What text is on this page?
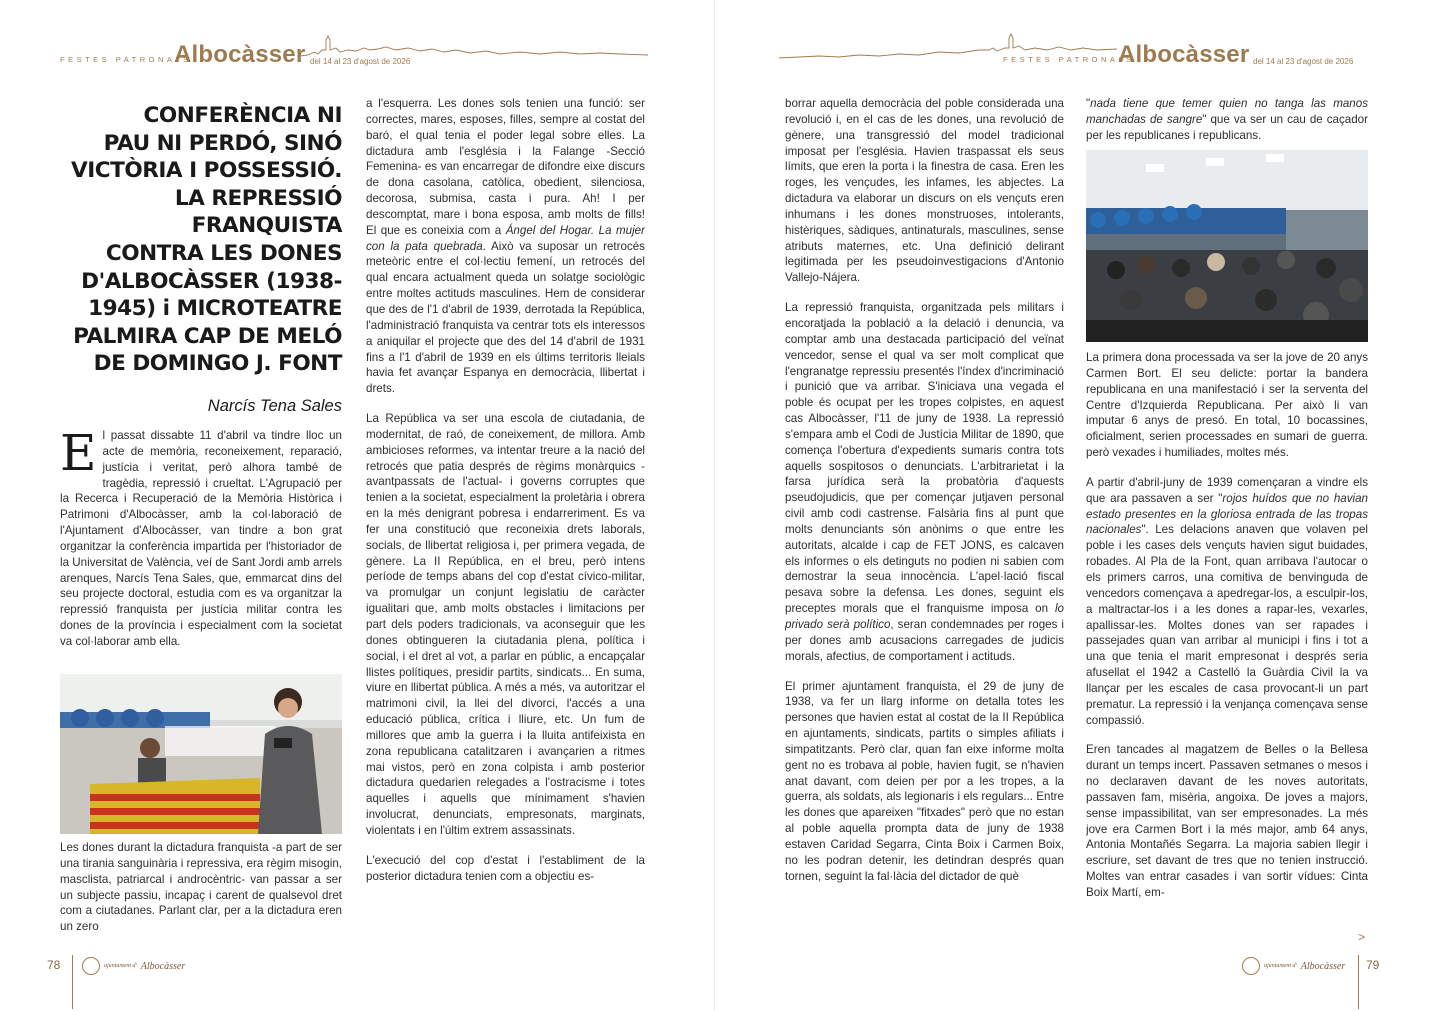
FESTES PATRONALS
Albocàsser del 14 al 23 d'agost de 2026
CONFERÈNCIA NI
PAU NI PERDÓ, SINÓ
VICTÒRIA I POSSESSIÓ.
LA REPRESSIÓ
FRANQUISTA
CONTRA LES DONES
D'ALBOCÀSSER (1938-
1945) i MICROTEATRE
PALMIRA CAP DE MELÓ
DE DOMINGO J. FONT
Narcís Tena Sales

El passat dissabte 11 d'abril va tindre lloc un acte de memòria, reconeixement, reparació, justícia i veritat, però alhora també de tragèdia, repressió i crueltat. L'Agrupació per la Recerca i Recuperació de la Memòria Històrica i Patrimoni d'Albocàsser, amb la col·laboració de l'Ajuntament d'Albocàsser, van tindre a bon grat organitzar la conferència impartida per l'historiador de la Universitat de València, veí de Sant Jordi amb arrels arenques, Narcís Tena Sales, que, emmarcat dins del seu projecte doctoral, estudia com es va organitzar la repressió franquista per justícia militar contra les dones de la província i especialment com la societat va col·laborar amb ella.

Les dones durant la dictadura franquista -a part de ser una tirania sanguinària i repressiva, era règim misogin, masclista, patriarcal i androcèntric- van passar a ser un subjecte passiu, incapaç i carent de qualsevol dret com a ciutadanes. Parlant clar, per a la dictadura eren un zero

a l'esquerra. Les dones sols tenien una funció: ser correctes, mares, esposes, filles, sempre al costat del baró, el qual tenia el poder legal sobre elles. La dictadura amb l'església i la Falange -Secció Femenina- es van encarregar de difondre eixe discurs de dona casolana, catòlica, obedient, silenciosa, decorosa, submisa, casta i pura. Ah! I per descomptat, mare i bona esposa, amb molts de fills! El que es coneixia com a Ángel del Hogar. La mujer con la pata quebrada. Això va suposar un retrocés meteòric entre el col·lectiu femení, un retrocés del qual encara actualment queda un solatge sociològic entre moltes actituds masculines. Hem de considerar que des de l'1 d'abril de 1939, derrotada la República, l'administració franquista va centrar tots els interessos a aniquilar el projecte que des del 14 d'abril de 1931 fins a l'1 d'abril de 1939 en els últims territoris lleials havia fet avançar Espanya en democràcia, llibertat i drets.

La República va ser una escola de ciutadania, de modernitat, de raó, de coneixement, de millora. Amb ambicioses reformes, va intentar treure a la nació del retrocés que patia després de règims monàrquics -avantpassats de l'actual- i governs corruptes que tenien a la societat, especialment la proletària i obrera en la més denigrant pobresa i endarreriment. Es va fer una constitució que reconeixia drets laborals, socials, de llibertat religiosa i, per primera vegada, de gènere. La II República, en el breu, però intens període de temps abans del cop d'estat cívico-militar, va promulgar un conjunt legislatiu de caràcter igualitari que, amb molts obstacles i limitacions per part dels poders tradicionals, va aconseguir que les dones obtingueren la ciutadania plena, política i social, i el dret al vot, a parlar en públic, a encapçalar llistes polítiques, presidir partits, sindicats... En suma, viure en llibertat pública. A més a més, va autoritzar el matrimoni civil, la llei del divorci, l'accés a una educació pública, crítica i lliure, etc. Un fum de millores que amb la guerra i la lluita antifeixista en zona republicana catalitzaren i avançarien a ritmes mai vistos, però en zona colpista i amb posterior dictadura quedarien relegades a l'ostracisme i totes aquelles i aquells que mínimament s'havien involucrat, denunciats, empresonats, marginats, violentats i en l'últim extrem assassinats.

L'execució del cop d'estat i l'establiment de la posterior dictadura tenien com a objectiu es-

78	ajuntament d' Albocàsser
FESTES PATRONALS
Albocàsser del 14 al 23 d'agost de 2026

borrar aquella democràcia del poble considerada una revolució i, en el cas de les dones, una revolució de gènere, una transgressió del model tradicional imposat per l'església. Havien traspassat els seus límits, que eren la porta i la finestra de casa. Eren les roges, les vençudes, les infames, les abjectes. La dictadura va elaborar un discurs on els vençuts eren inhumans i les dones monstruoses, intolerants, histèriques, sàdiques, antinaturals, masculines, sense atributs maternes, etc. Una definició delirant legitimada per les pseudoinvestigacions d'Antonio Vallejo-Nájera.

La repressió franquista, organitzada pels militars i encoratjada la població a la delació i denuncia, va comptar amb una destacada participació del veïnat vencedor, sense el qual va ser molt complicat que l'engranatge repressiu presentés l'índex d'incriminació i punició que va arribar. S'iniciava una vegada el poble és ocupat per les tropes colpistes, en aquest cas Albocàsser, l'11 de juny de 1938. La repressió s'empara amb el Codi de Justícia Militar de 1890, que comença l'obertura d'expedients sumaris contra tots aquells sospitosos o denunciats. L'arbitrarietat i la farsa jurídica serà la probatòria d'aquests pseudojudicis, que per començar jutjaven personal civil amb codi castrense. Falsària fins al punt que molts denunciants són anònims o que entre les autoritats, alcalde i cap de FET JONS, es calcaven els informes o els detinguts no podien ni sabien com demostrar la seua innocència. L'apel·lació fiscal pesava sobre la defensa. Les dones, seguint els preceptes morals que el franquisme imposa on lo privado serà político, seran condemnades per roges i per dones amb acusacions carregades de judicis morals, afectius, de comportament i actituds.

El primer ajuntament franquista, el 29 de juny de 1938, va fer un llarg informe on detalla totes les persones que havien estat al costat de la II República en ajuntaments, sindicats, partits o simples afiliats i simpatitzants. Però clar, quan fan eixe informe molta gent no es trobava al poble, havien fugit, se n'havien anat davant, com deien per por a les tropes, a la guerra, als soldats, als legionaris i els regulars... Entre les dones que apareixen "fitxades" però que no estan al poble aquella prompta data de juny de 1938 estaven Caridad Segarra, Cinta Boix i Carmen Boix, no les podran detenir, les detindran després quan tornen, seguint la fal·làcia del dictador de què

"nada tiene que temer quien no tanga las manos manchadas de sangre" que va ser un cau de caçador per les republicanes i republicans.

La primera dona processada va ser la jove de 20 anys Carmen Bort. El seu delicte: portar la bandera republicana en una manifestació i ser la serventa del Centre d'Izquierda Republicana. Per això li van imputar 6 anys de presó. En total, 10 bocassines, oficialment, serien processades en sumari de guerra. però vexades i humiliades, moltes més.

A partir d'abril-juny de 1939 començaran a vindre els que ara passaven a ser "rojos huídos que no havian estado presentes en la gloriosa entrada de las tropas nacionales". Les delacions anaven que volaven pel poble i les cases dels vençuts havien sigut buidades, robades. Al Pla de la Font, quan arribava l'autocar o els primers carros, una comitiva de benvinguda de vencedors començava a apedregar-los, a esculpir-los, a maltractar-los i a les dones a rapar-les, vexarles, apallissar-les. Moltes dones van ser rapades i passejades quan van arribar al municipi i fins i tot a una que tenia el marit empresonat i després seria afusellat el 1942 a Castelló la Guàrdia Civil la va llançar per les escales de casa provocant-li un part prematur. La repressió i la venjança començava sense compassió.

Eren tancades al magatzem de Belles o la Bellesa durant un temps incert. Passaven setmanes o mesos i no declaraven davant de les noves autoritats, passaven fam, misèria, angoixa. De joves a majors, sense impassibilitat, van ser empresonades. La més jove era Carmen Bort i la més major, amb 64 anys, Antonia Montañés Segarra. La majoria sabien llegir i escriure, set davant de tres que no tenien instrucció. Moltes van entrar casades i van sortir vídues: Cinta Boix Martí, em-

>
ajuntament d' Albocàsser 79
